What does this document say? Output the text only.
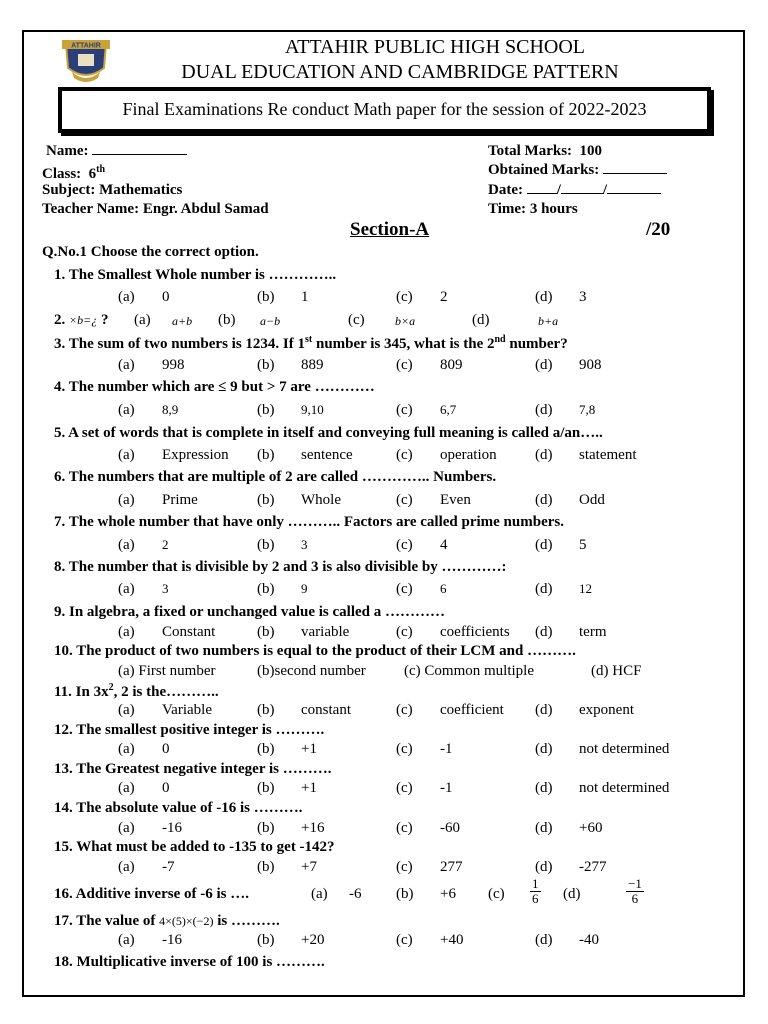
ATTAHIR	ATTAHIR PUBLIC HIGH SCHOOL
DUAL EDUCATION AND CAMBRIDGE PATTERN
Final Examinations Re conduct Math paper for the session of 2022-2023
Name:
Class: 6th
Subject: Mathematics
Teacher Name: Engr. Abdul Samad
Total Marks: 100
Obtained Marks:
Date: /	/
Time: 3 hours
Section-A	/20
Q.No.1 Choose the correct option.
1. The Smallest Whole number is …………..
(a) 0	(b) 1	(c) 2	(d) 3
2. ×b=¿ ? (a) a+b (b) a−b	(c)	b×a	(d)	b+a
3. The sum of two numbers is 1234. If 1st number is 345, what is the 2nd number?
(a) 998	(b) 889	(c) 809	(d) 908
4. The number which are ≤ 9 but > 7 are …………
(a) 8,9	(b) 9,10	(c) 6,7	(d) 7,8
5. A set of words that is complete in itself and conveying full meaning is called a/an…..
(a) Expression (b) sentence	(c) operation	(d) statement
6. The numbers that are multiple of 2 are called ………….. Numbers.
(a) Prime	(b) Whole	(c) Even	(d) Odd
7. The whole number that have only ……….. Factors are called prime numbers.
(a) 2	(b) 3	(c) 4	(d) 5
8. The number that is divisible by 2 and 3 is also divisible by …………:
(a) 3	(b) 9	(c) 6	(d) 12
9. In algebra, a fixed or unchanged value is called a …………
(a) Constant	(b) variable	(c) coefficients (d) term
10. The product of two numbers is equal to the product of their LCM and ……….
(a) First number	(b)second number	(c) Common multiple	(d) HCF
11. In $3x^2$, 2 is the………..
(a) Variable	(b) constant	(c) coefficient (d) exponent
12. The smallest positive integer is ……….
(a) 0	(b) +1	(c) -1	(d) not determined
13. The Greatest negative integer is ……….
(a) 0	(b) +1	(c) -1	(d) not determined
14. The absolute value of -16 is ……….
(a) -16	(b) +16	(c) -60	(d) +60
15. What must be added to -135 to get -142?
(a) -7	(b) +7	(c) 277	(d) -277
16. Additive inverse of -6 is ….	(a) -6 (b) +6 $(c) \frac{1}{6} (d)$	$\frac{-1}{6}$
17. The value of 4×(5)×(−2) is ……….
(a) -16	(b) +20	(c) +40	(d) -40
18. Multiplicative inverse of 100 is ……….
